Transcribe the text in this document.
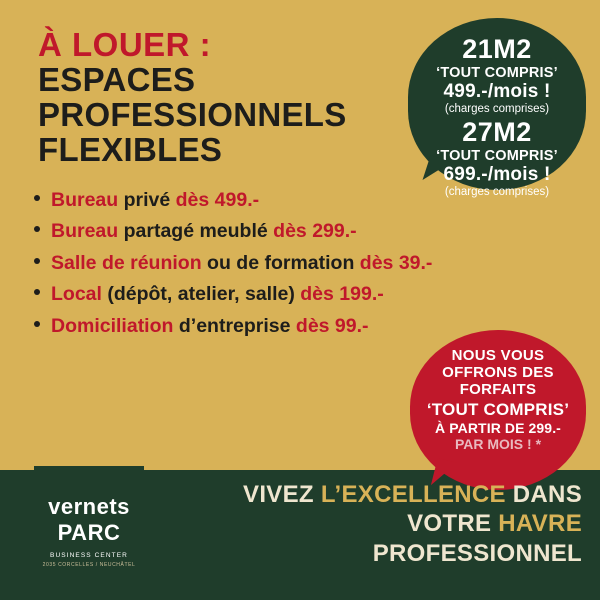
À LOUER :
ESPACES
PROFESSIONNELS
FLEXIBLES
Bureau privé dès 499.-
Bureau partagé meublé dès 299.-
Salle de réunion ou de formation dès 39.-
Local (dépôt, atelier, salle) dès 199.-
Domiciliation d’entreprise dès 99.-
21M2
‘TOUT COMPRIS’
499.-/mois !
(charges comprises)
27M2
‘TOUT COMPRIS’
699.-/mois !
(charges comprises)
NOUS VOUS
OFFRONS DES
FORFAITS
‘TOUT COMPRIS’
À PARTIR DE 299.-
PAR MOIS ! *
vernets
PARC
BUSINESS CENTER
2035 CORCELLES / NEUCHÂTEL
VIVEZ L’EXCELLENCE DANS
VOTRE HAVRE PROFESSIONNEL
